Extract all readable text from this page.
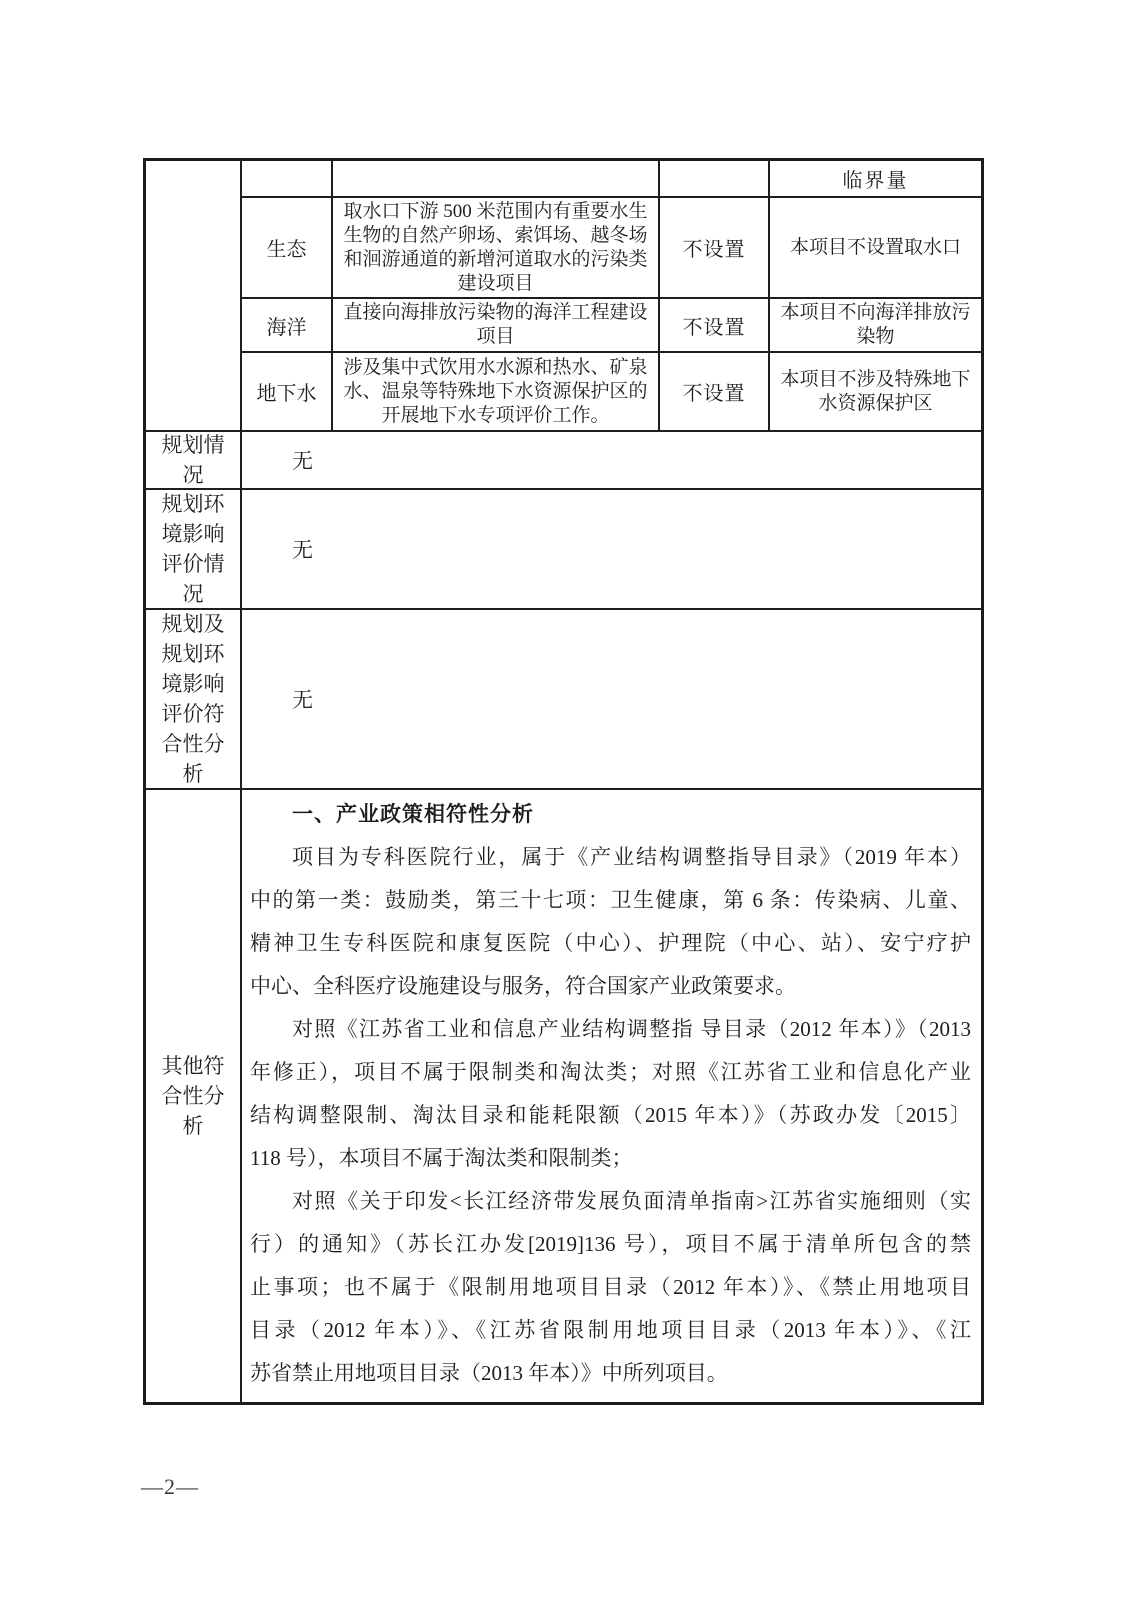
临界量
生态
取水口下游 500 米范围内有重要水生生物的自然产卵场、索饵场、越冬场和洄游通道的新增河道取水的污染类建设项目
不设置	本项目不设置取水口
海洋
直接向海排放污染物的海洋工程建设项目	不设置
本项目不向海洋排放污染物
地下水
涉及集中式饮用水水源和热水、矿泉水、温泉等特殊地下水资源保护区的开展地下水专项评价工作。
不设置
本项目不涉及特殊地下水资源保护区
规划情况
无
规划环境影响评价情况
无
规划及规划环境影响评价符合性分析
无
其他符合性分析
一、产业政策相符性分析
项目为专科医院行业，属于《产业结构调整指导目录》（2019 年本）
中的第一类：鼓励类，第三十七项：卫生健康，第 6 条：传染病、儿童、
精神卫生专科医院和康复医院（中心）、护理院（中心、站）、安宁疗护
中心、全科医疗设施建设与服务，符合国家产业政策要求。
对照《江苏省工业和信息产业结构调整指 导目录（2012 年本）》（2013
年修正），项目不属于限制类和淘汰类；对照《江苏省工业和信息化产业
结构调整限制、淘汰目录和能耗限额（2015 年本）》（苏政办发〔2015〕
118 号），本项目不属于淘汰类和限制类；
对照《关于印发<长江经济带发展负面清单指南>江苏省实施细则（实
行）的通知》（苏长江办发[2019]136 号），项目不属于清单所包含的禁
止事项；也不属于《限制用地项目目录（2012 年本）》、《禁止用地项目
目录（2012 年本）》、《江苏省限制用地项目目录（2013 年本）》、《江
苏省禁止用地项目目录（2013 年本）》中所列项目。
—2—
